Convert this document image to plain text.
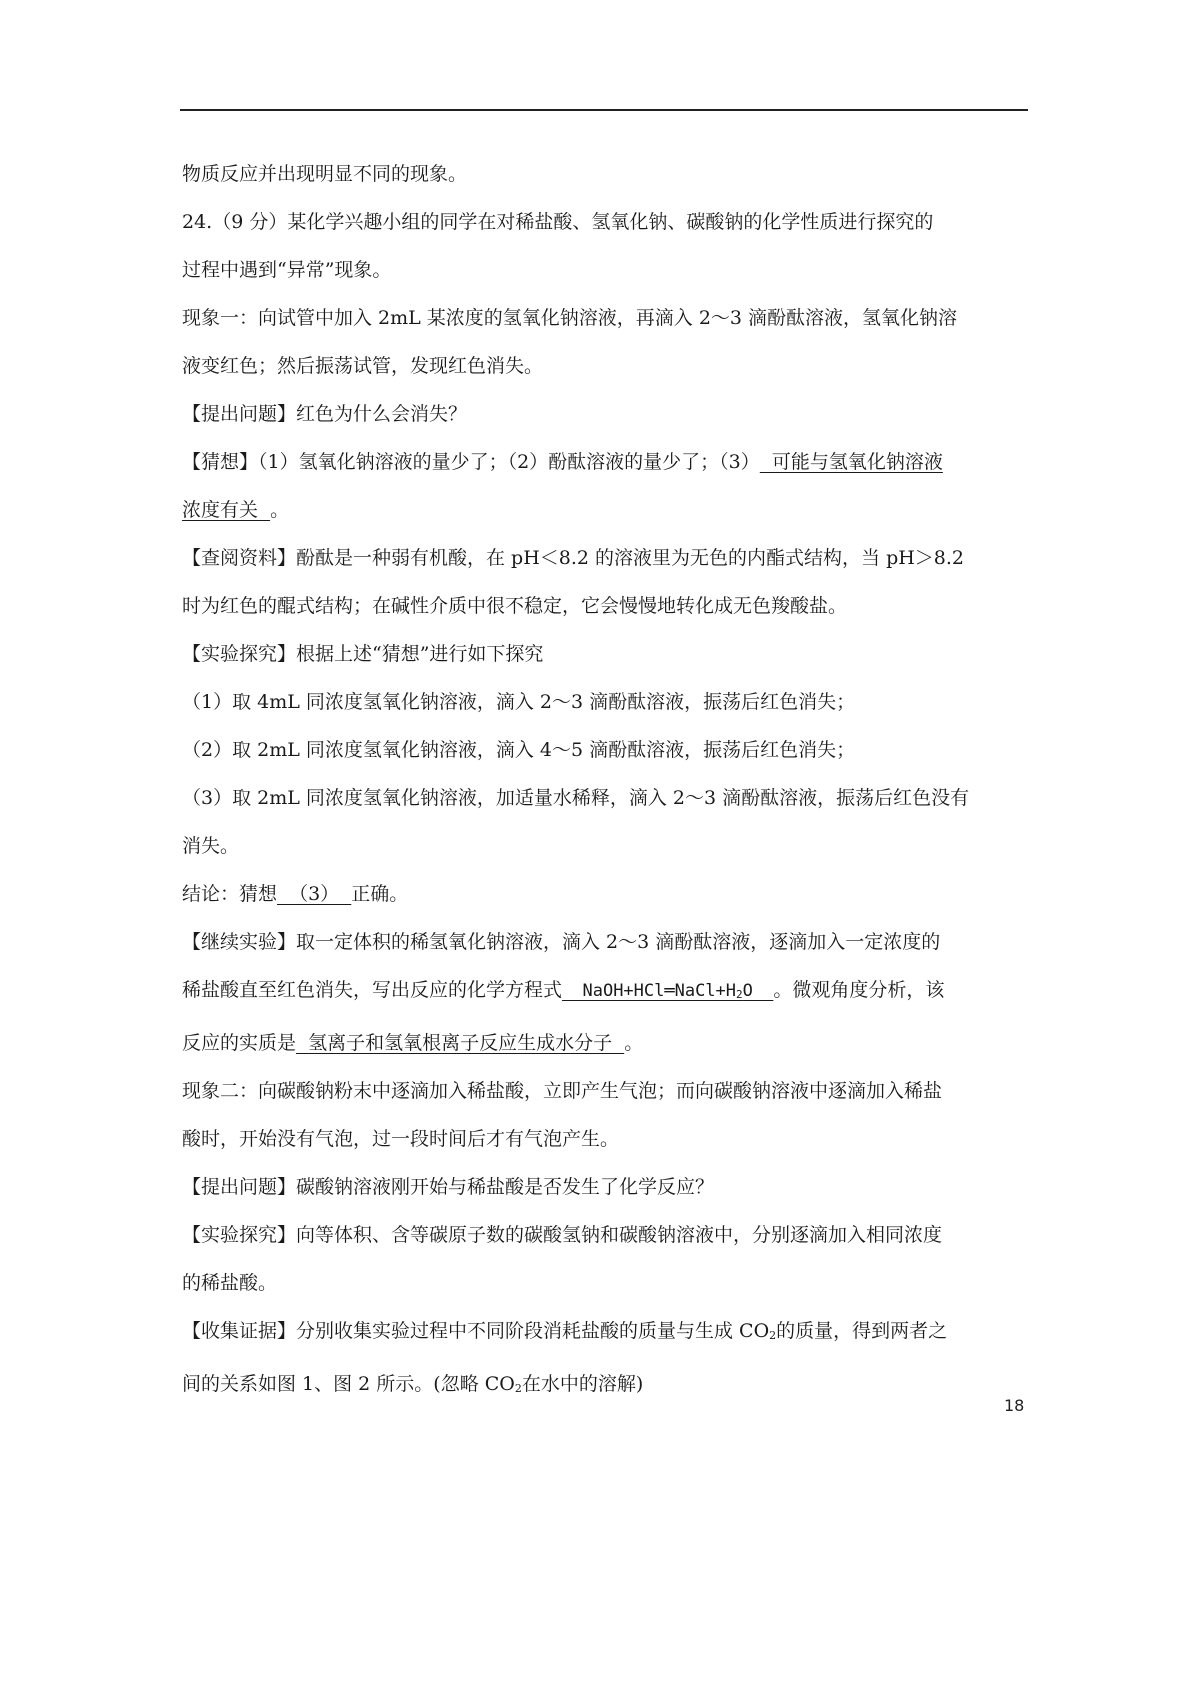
物质反应并出现明显不同的现象。

24.（9 分）某化学兴趣小组的同学在对稀盐酸、氢氧化钠、碳酸钠的化学性质进行探究的

过程中遇到“异常”现象。

现象一：向试管中加入 2mL 某浓度的氢氧化钠溶液，再滴入 2～3 滴酚酞溶液，氢氧化钠溶

液变红色；然后振荡试管，发现红色消失。

【提出问题】红色为什么会消失？

【猜想】（1）氢氧化钠溶液的量少了；（2）酚酞溶液的量少了；（3）  可能与氢氧化钠溶液

浓度有关  。

【查阅资料】酚酞是一种弱有机酸，在 pH＜8.2 的溶液里为无色的内酯式结构，当 pH＞8.2

时为红色的醌式结构；在碱性介质中很不稳定，它会慢慢地转化成无色羧酸盐。

【实验探究】根据上述“猜想”进行如下探究

（1）取 4mL 同浓度氢氧化钠溶液，滴入 2～3 滴酚酞溶液，振荡后红色消失；

（2）取 2mL 同浓度氢氧化钠溶液，滴入 4～5 滴酚酞溶液，振荡后红色消失；

（3）取 2mL 同浓度氢氧化钠溶液，加适量水稀释，滴入 2～3 滴酚酞溶液，振荡后红色没有

消失。

结论：猜想  （3）  正确。

【继续实验】取一定体积的稀氢氧化钠溶液，滴入 2～3 滴酚酞溶液，逐滴加入一定浓度的

稀盐酸直至红色消失，写出反应的化学方程式  $NaOH+HCl═NaCl+H_2O$  。微观角度分析，该

反应的实质是  氢离子和氢氧根离子反应生成水分子  。

现象二：向碳酸钠粉末中逐滴加入稀盐酸，立即产生气泡；而向碳酸钠溶液中逐滴加入稀盐

酸时，开始没有气泡，过一段时间后才有气泡产生。

【提出问题】碳酸钠溶液刚开始与稀盐酸是否发生了化学反应？

【实验探究】向等体积、含等碳原子数的碳酸氢钠和碳酸钠溶液中，分别逐滴加入相同浓度

的稀盐酸。

【收集证据】分别收集实验过程中不同阶段消耗盐酸的质量与生成 $CO_2$的质量，得到两者之

间的关系如图 1、图 2 所示。(忽略 $CO_2$在水中的溶解)

18
